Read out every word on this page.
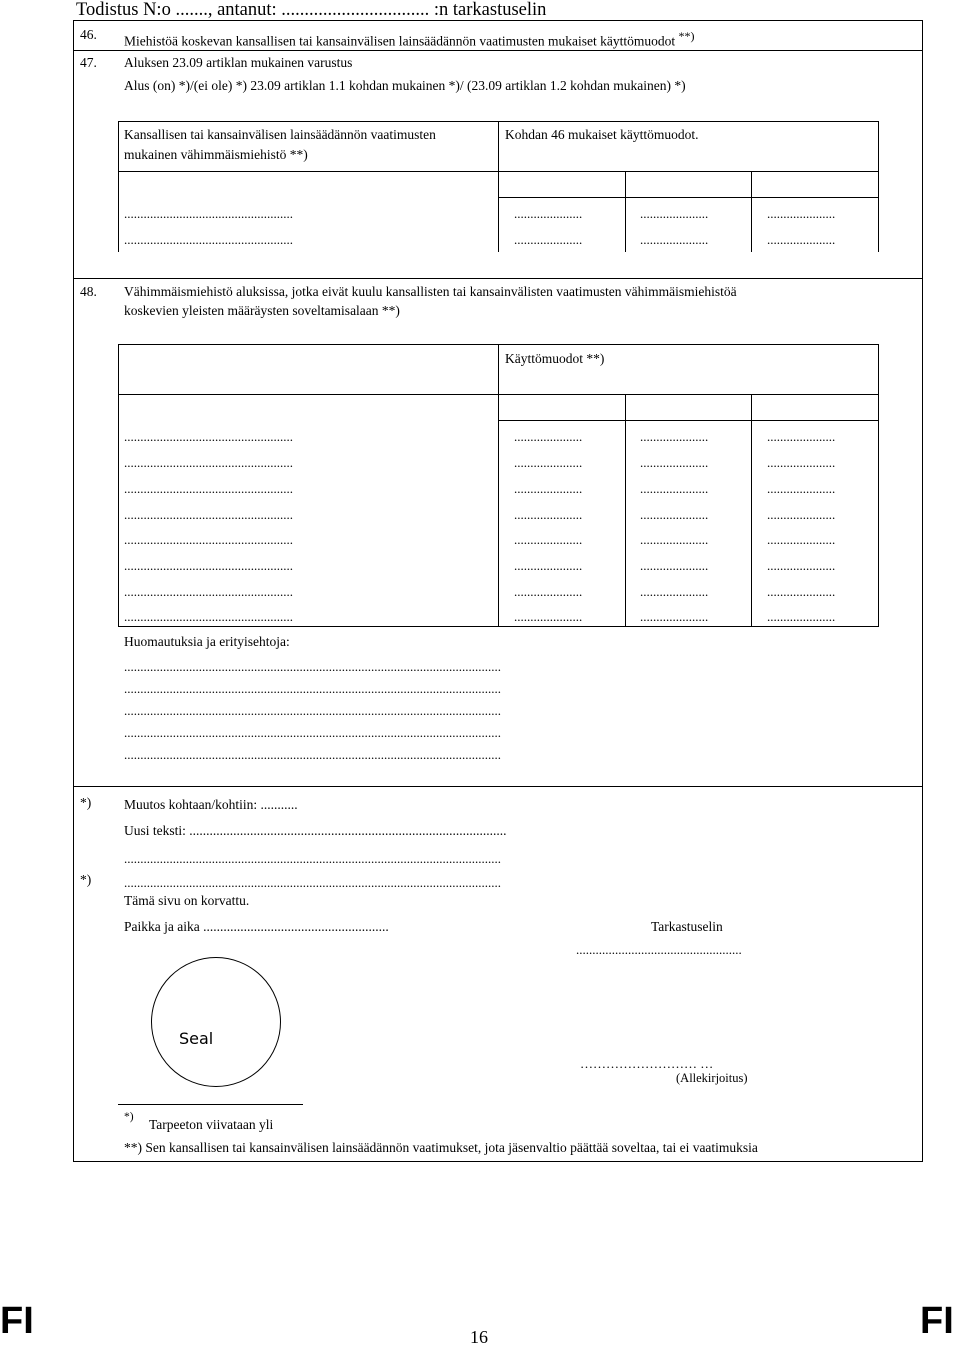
Todistus N:o ......., antanut: ................................ :n tarkastuselin
46. Miehistöä koskevan kansallisen tai kansainvälisen lainsäädännön vaatimusten mukaiset käyttömuodot **)
47. Aluksen 23.09 artiklan mukainen varustus
Alus (on) *)/(ei ole) *) 23.09 artiklan 1.1 kohdan mukainen *)/ (23.09 artiklan 1.2 kohdan mukainen) *)
Kansallisen tai kansainvälisen lainsäädännön vaatimusten
mukainen vähimmäismiehistö **)
Kohdan 46 mukaiset käyttömuodot.
....................................................	.....................	.....................	.....................
....................................................	.....................	.....................	.....................
48. Vähimmäismiehistö aluksissa, jotka eivät kuulu kansallisten tai kansainvälisten vaatimusten vähimmäismiehistöä
koskevien yleisten määräysten soveltamisalaan **)
Käyttömuodot **)
....................................................	.....................	.....................	.....................
....................................................	.....................	.....................	.....................
....................................................	.....................	.....................	.....................
....................................................	.....................	.....................	.....................
....................................................	.....................	.....................	.....................
....................................................	.....................	.....................	.....................
....................................................	.....................	.....................	.....................
....................................................	.....................	.....................	.....................
Huomautuksia ja erityisehtoja:
....................................................................................................................
....................................................................................................................
....................................................................................................................
....................................................................................................................
....................................................................................................................
*) Muutos kohtaan/kohtiin: ...........
Uusi teksti: ..............................................................................................
....................................................................................................................
*)	....................................................................................................................
Tämä sivu on korvattu.
Paikka ja aika .......................................................	Tarkastuselin
...................................................
Seal
……………………… …
(Allekirjoitus)
*) Tarpeeton viivataan yli
**) Sen kansallisen tai kansainvälisen lainsäädännön vaatimukset, jota jäsenvaltio päättää soveltaa, tai ei vaatimuksia
FI	16	FI
